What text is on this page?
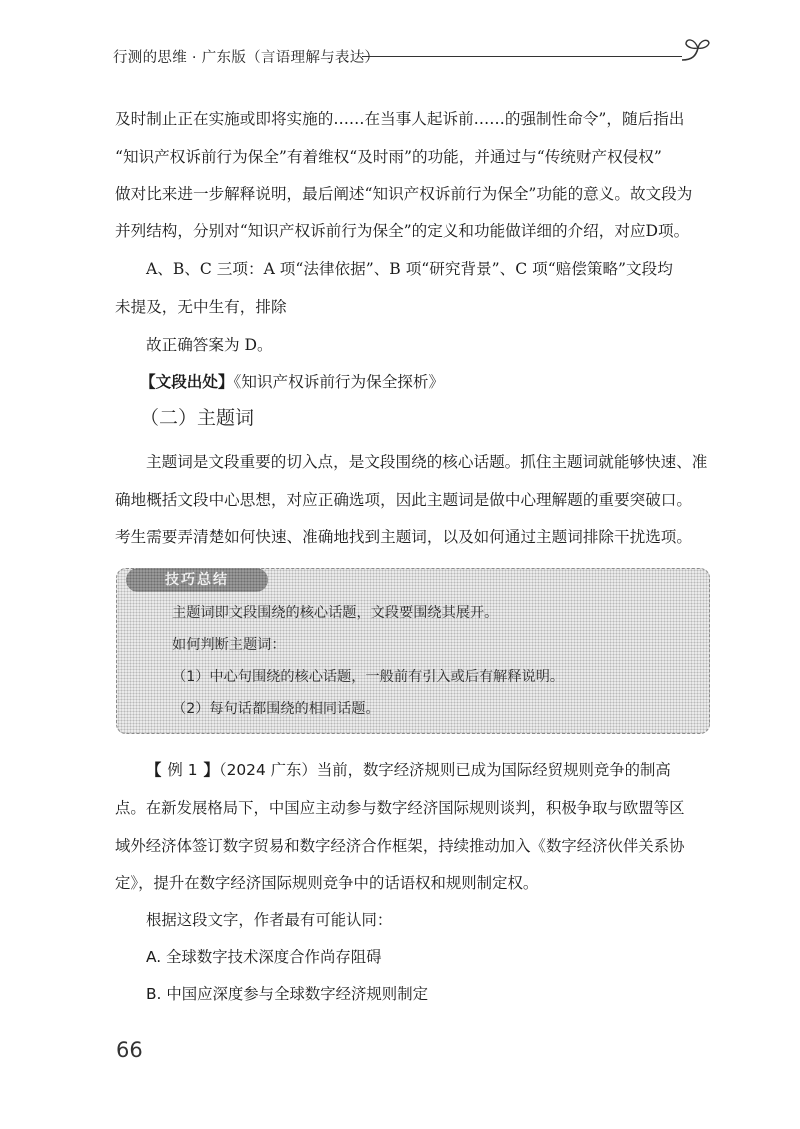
行测的思维 · 广东版（言语理解与表达）

及时制止正在实施或即将实施的……在当事人起诉前……的强制性命令”，随后指出

“知识产权诉前行为保全”有着维权“及时雨”的功能，并通过与“传统财产权侵权”

做对比来进一步解释说明，最后阐述“知识产权诉前行为保全”功能的意义。故文段为

并列结构，分别对“知识产权诉前行为保全”的定义和功能做详细的介绍，对应D项。

A、B、C 三项：A 项“法律依据”、B 项“研究背景”、C 项“赔偿策略”文段均

未提及，无中生有，排除

故正确答案为 D。

【文段出处】《知识产权诉前行为保全探析》

（二）主题词

主题词是文段重要的切入点，是文段围绕的核心话题。抓住主题词就能够快速、准

确地概括文段中心思想，对应正确选项，因此主题词是做中心理解题的重要突破口。

考生需要弄清楚如何快速、准确地找到主题词，以及如何通过主题词排除干扰选项。

技巧总结
主题词即文段围绕的核心话题，文段要围绕其展开。
如何判断主题词：
（1）中心句围绕的核心话题，一般前有引入或后有解释说明。
（2）每句话都围绕的相同话题。

【 例 1 】（2024 广东）当前，数字经济规则已成为国际经贸规则竞争的制高

点。在新发展格局下，中国应主动参与数字经济国际规则谈判，积极争取与欧盟等区

域外经济体签订数字贸易和数字经济合作框架，持续推动加入《数字经济伙伴关系协

定》，提升在数字经济国际规则竞争中的话语权和规则制定权。

根据这段文字，作者最有可能认同：

A. 全球数字技术深度合作尚存阻碍

B. 中国应深度参与全球数字经济规则制定

66
